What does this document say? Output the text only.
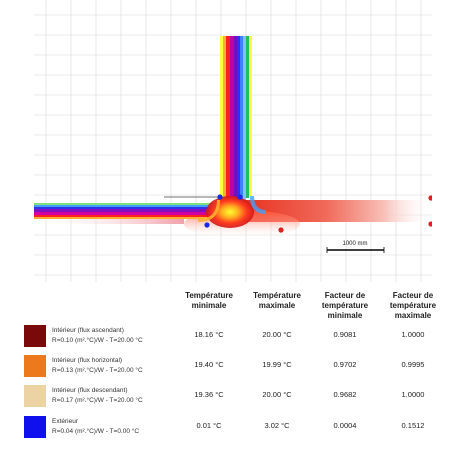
1000 mm
Température minimale
Température maximale
Facteur de température minimale
Facteur de température maximale
Intérieur (flux ascendant)
R=0.10 (m².°C)/W - T=20.00 °C
18.16 °C	20.00 °C	0.9081	1.0000
Intérieur (flux horizontal)
R=0.13 (m².°C)/W - T=20.00 °C
19.40 °C	19.99 °C	0.9702	0.9995
Intérieur (flux descendant)
R=0.17 (m².°C)/W - T=20.00 °C
19.36 °C	20.00 °C	0.9682	1.0000
Extérieur
R=0.04 (m².°C)/W - T=0.00 °C
0.01 °C	3.02 °C	0.0004	0.1512
